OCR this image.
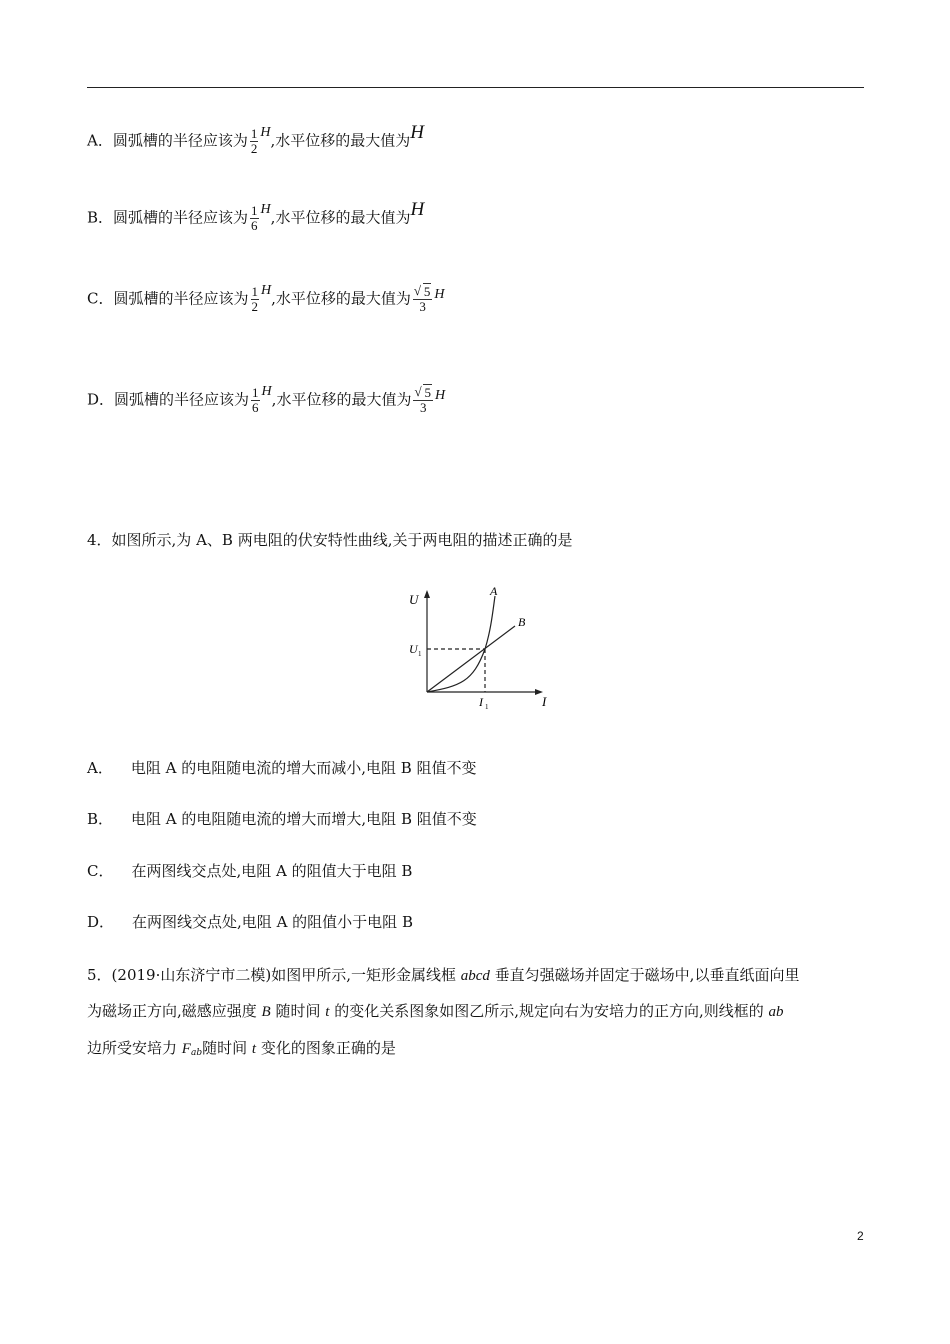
A．圆弧槽的半径应该为 $\frac{1}{2} H$,水平位移的最大值为H
B．圆弧槽的半径应该为 $\frac{1}{6} H$,水平位移的最大值为H
C．圆弧槽的半径应该为 $\frac{1}{2} H$,水平位移的最大值为 $\frac{√ 5}{3}$ H
D．圆弧槽的半径应该为 $\frac{1}{6} H$,水平位移的最大值为 $\frac{√ 5}{3}$ H
4．如图所示,为 A、B 两电阻的伏安特性曲线,关于两电阻的描述正确的是
U
I
A
B
U 1
I 1
A． 电阻 A 的电阻随电流的增大而减小,电阻 B 阻值不变
B． 电阻 A 的电阻随电流的增大而增大,电阻 B 阻值不变
C． 在两图线交点处,电阻 A 的阻值大于电阻 B
D． 在两图线交点处,电阻 A 的阻值小于电阻 B
5．(2019·山东济宁市二模)如图甲所示,一矩形金属线框 abcd 垂直匀强磁场并固定于磁场中,以垂直纸面向里
为磁场正方向,磁感应强度 B 随时间 t 的变化关系图象如图乙所示,规定向右为安培力的正方向,则线框的 ab
边所受安培力 $F_{ab}$随时间 t 变化的图象正确的是
2
